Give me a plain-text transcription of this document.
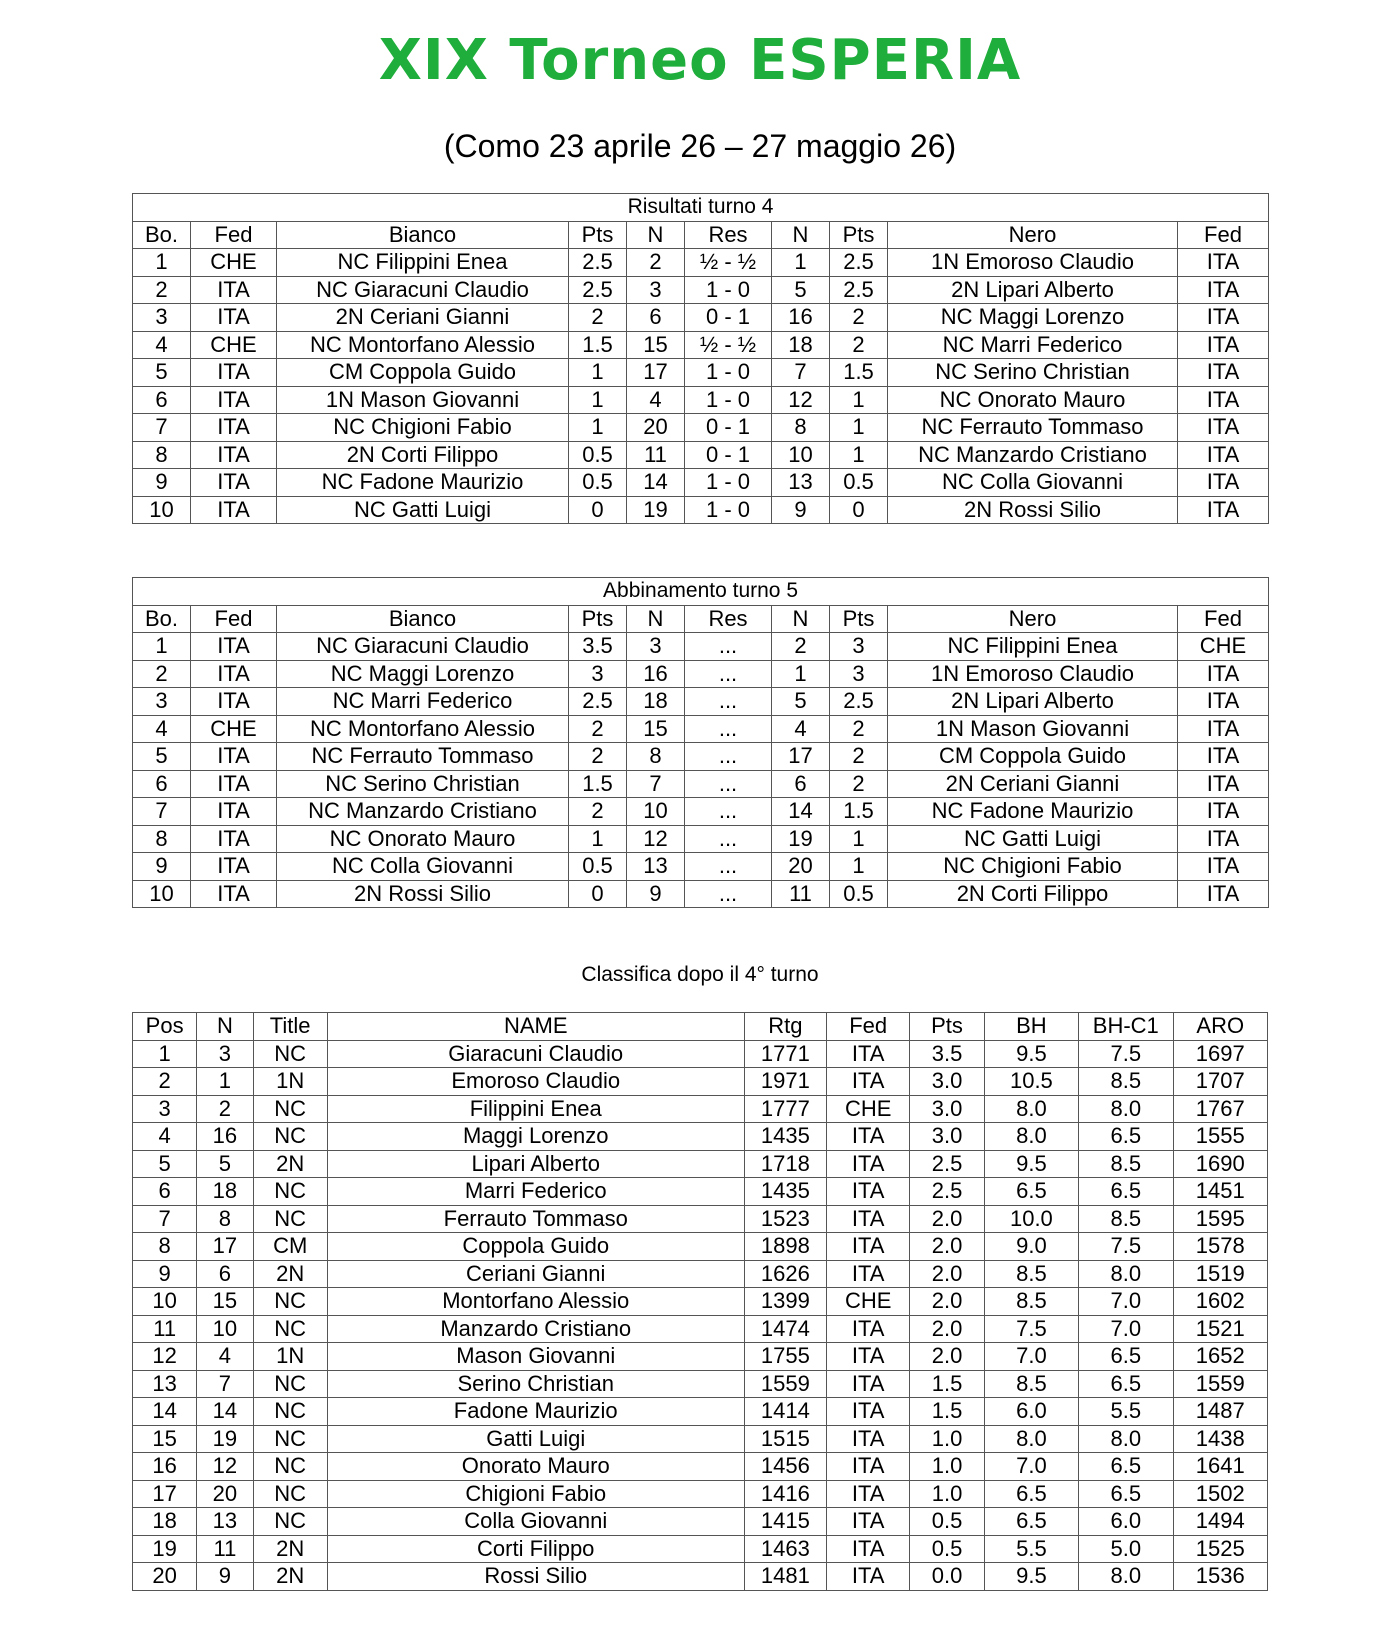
XIX Torneo ESPERIA
(Como 23 aprile 26 – 27 maggio 26)
Risultati turno 4									
Bo.	Fed	Bianco	Pts	N	Res	N	Pts	Nero	Fed
1	CHE	NC Filippini Enea	2.5	2	½ - ½	1	2.5	1N Emoroso Claudio	ITA
2	ITA	NC Giaracuni Claudio	2.5	3	1 - 0	5	2.5	2N Lipari Alberto	ITA
3	ITA	2N Ceriani Gianni	2	6	0 - 1	16	2	NC Maggi Lorenzo	ITA
4	CHE	NC Montorfano Alessio	1.5	15	½ - ½	18	2	NC Marri Federico	ITA
5	ITA	CM Coppola Guido	1	17	1 - 0	7	1.5	NC Serino Christian	ITA
6	ITA	1N Mason Giovanni	1	4	1 - 0	12	1	NC Onorato Mauro	ITA
7	ITA	NC Chigioni Fabio	1	20	0 - 1	8	1	NC Ferrauto Tommaso	ITA
8	ITA	2N Corti Filippo	0.5	11	0 - 1	10	1	NC Manzardo Cristiano	ITA
9	ITA	NC Fadone Maurizio	0.5	14	1 - 0	13	0.5	NC Colla Giovanni	ITA
10	ITA	NC Gatti Luigi	0	19	1 - 0	9	0	2N Rossi Silio	ITA
Abbinamento turno 5									
Bo.	Fed	Bianco	Pts	N	Res	N	Pts	Nero	Fed
1	ITA	NC Giaracuni Claudio	3.5	3	...	2	3	NC Filippini Enea	CHE
2	ITA	NC Maggi Lorenzo	3	16	...	1	3	1N Emoroso Claudio	ITA
3	ITA	NC Marri Federico	2.5	18	...	5	2.5	2N Lipari Alberto	ITA
4	CHE	NC Montorfano Alessio	2	15	...	4	2	1N Mason Giovanni	ITA
5	ITA	NC Ferrauto Tommaso	2	8	...	17	2	CM Coppola Guido	ITA
6	ITA	NC Serino Christian	1.5	7	...	6	2	2N Ceriani Gianni	ITA
7	ITA	NC Manzardo Cristiano	2	10	...	14	1.5	NC Fadone Maurizio	ITA
8	ITA	NC Onorato Mauro	1	12	...	19	1	NC Gatti Luigi	ITA
9	ITA	NC Colla Giovanni	0.5	13	...	20	1	NC Chigioni Fabio	ITA
10	ITA	2N Rossi Silio	0	9	...	11	0.5	2N Corti Filippo	ITA
Classifica dopo il 4° turno
Pos	N	Title	NAME	Rtg	Fed	Pts	BH	BH-C1	ARO
1	3	NC	Giaracuni Claudio	1771	ITA	3.5	9.5	7.5	1697
2	1	1N	Emoroso Claudio	1971	ITA	3.0	10.5	8.5	1707
3	2	NC	Filippini Enea	1777	CHE	3.0	8.0	8.0	1767
4	16	NC	Maggi Lorenzo	1435	ITA	3.0	8.0	6.5	1555
5	5	2N	Lipari Alberto	1718	ITA	2.5	9.5	8.5	1690
6	18	NC	Marri Federico	1435	ITA	2.5	6.5	6.5	1451
7	8	NC	Ferrauto Tommaso	1523	ITA	2.0	10.0	8.5	1595
8	17	CM	Coppola Guido	1898	ITA	2.0	9.0	7.5	1578
9	6	2N	Ceriani Gianni	1626	ITA	2.0	8.5	8.0	1519
10	15	NC	Montorfano Alessio	1399	CHE	2.0	8.5	7.0	1602
11	10	NC	Manzardo Cristiano	1474	ITA	2.0	7.5	7.0	1521
12	4	1N	Mason Giovanni	1755	ITA	2.0	7.0	6.5	1652
13	7	NC	Serino Christian	1559	ITA	1.5	8.5	6.5	1559
14	14	NC	Fadone Maurizio	1414	ITA	1.5	6.0	5.5	1487
15	19	NC	Gatti Luigi	1515	ITA	1.0	8.0	8.0	1438
16	12	NC	Onorato Mauro	1456	ITA	1.0	7.0	6.5	1641
17	20	NC	Chigioni Fabio	1416	ITA	1.0	6.5	6.5	1502
18	13	NC	Colla Giovanni	1415	ITA	0.5	6.5	6.0	1494
19	11	2N	Corti Filippo	1463	ITA	0.5	5.5	5.0	1525
20	9	2N	Rossi Silio	1481	ITA	0.0	9.5	8.0	1536
